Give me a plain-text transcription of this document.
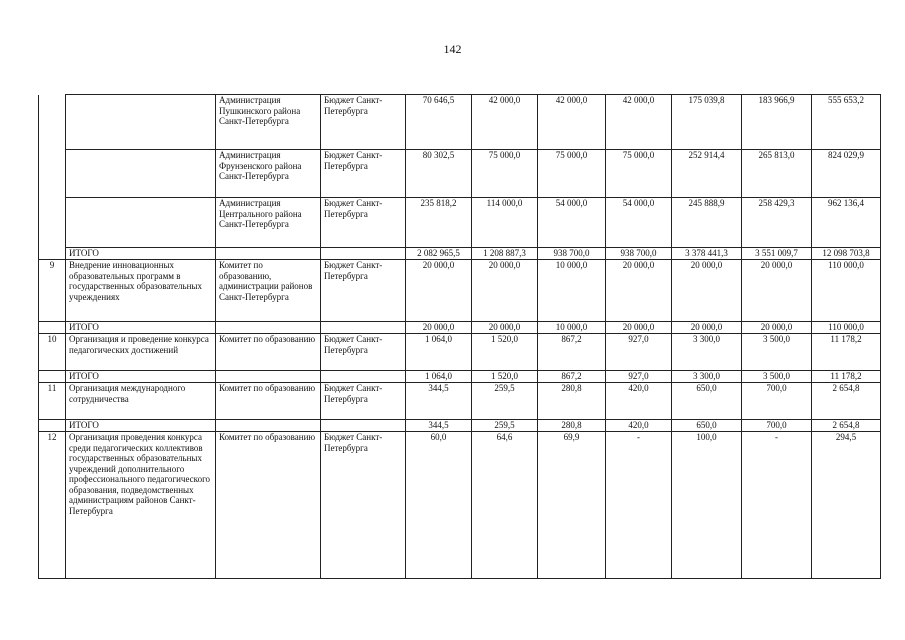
142
		Администрация Пушкинского района Санкт-Петербурга	Бюджет Санкт-Петербурга	70 646,5	42 000,0	42 000,0	42 000,0	175 039,8	183 966,9	555 653,2
		Администрация Фрунзенского района Санкт-Петербурга	Бюджет Санкт-Петербурга	80 302,5	75 000,0	75 000,0	75 000,0	252 914,4	265 813,0	824 029,9
		Администрация Центрального района Санкт-Петербурга	Бюджет Санкт-Петербурга	235 818,2	114 000,0	54 000,0	54 000,0	245 888,9	258 429,3	962 136,4
	ИТОГО			2 082 965,5	1 208 887,3	938 700,0	938 700,0	3 378 441,3	3 551 009,7	12 098 703,8
9	Внедрение инновационных образовательных программ в государственных образовательных учреждениях	Комитет по образованию, администрации районов Санкт-Петербурга	Бюджет Санкт-Петербурга	20 000,0	20 000,0	10 000,0	20 000,0	20 000,0	20 000,0	110 000,0
	ИТОГО			20 000,0	20 000,0	10 000,0	20 000,0	20 000,0	20 000,0	110 000,0
10	Организация и проведение конкурса педагогических достижений	Комитет по образованию	Бюджет Санкт-Петербурга	1 064,0	1 520,0	867,2	927,0	3 300,0	3 500,0	11 178,2
	ИТОГО			1 064,0	1 520,0	867,2	927,0	3 300,0	3 500,0	11 178,2
11	Организация международного сотрудничества	Комитет по образованию	Бюджет Санкт-Петербурга	344,5	259,5	280,8	420,0	650,0	700,0	2 654,8
	ИТОГО			344,5	259,5	280,8	420,0	650,0	700,0	2 654,8
12	Организация проведения конкурса среди педагогических коллективов государственных образовательных учреждений дополнительного профессионального педагогического образования, подведомственных администрациям районов Санкт-Петербурга	Комитет по образованию	Бюджет Санкт-Петербурга	60,0	64,6	69,9	-	100,0	-	294,5
